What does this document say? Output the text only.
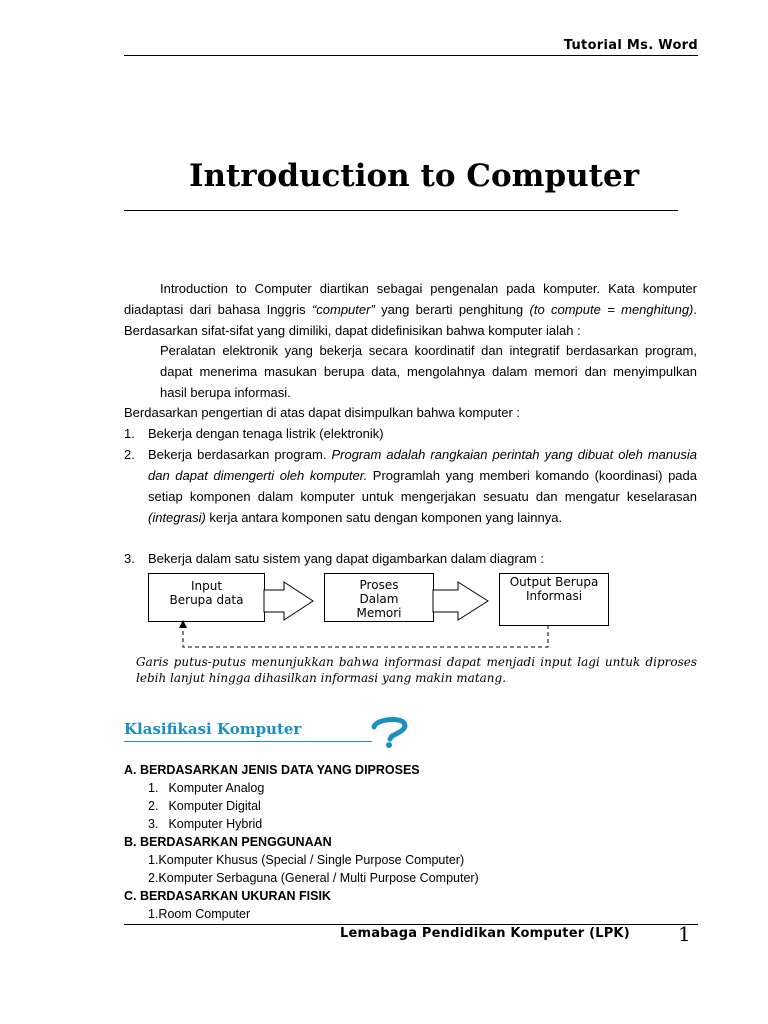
Tutorial Ms. Word
Introduction to Computer
Introduction to Computer diartikan sebagai pengenalan pada komputer. Kata komputer diadaptasi dari bahasa Inggris “computer” yang berarti penghitung (to compute = menghitung). Berdasarkan sifat-sifat yang dimiliki, dapat didefinisikan bahwa komputer ialah :
Peralatan elektronik yang bekerja secara koordinatif dan integratif berdasarkan program, dapat menerima masukan berupa data, mengolahnya dalam memori dan menyimpulkan hasil berupa informasi.
Berdasarkan pengertian di atas dapat disimpulkan bahwa komputer :
1. Bekerja dengan tenaga listrik (elektronik)
2. Bekerja berdasarkan program. Program adalah rangkaian perintah yang dibuat oleh manusia dan dapat dimengerti oleh komputer. Programlah yang memberi komando (koordinasi) pada setiap komponen dalam komputer untuk mengerjakan sesuatu dan mengatur keselarasan (integrasi) kerja antara komponen satu dengan komponen yang lainnya.
3. Bekerja dalam satu sistem yang dapat digambarkan dalam diagram :
Input
Berupa data
Proses
Dalam
Memori
Output Berupa
Informasi
Garis putus-putus menunjukkan bahwa informasi dapat menjadi input lagi untuk diproses lebih lanjut hingga dihasilkan informasi yang makin matang.
Klasifikasi Komputer
A. BERDASARKAN JENIS DATA YANG DIPROSES
1. Komputer Analog
2. Komputer Digital
3. Komputer Hybrid
B. BERDASARKAN PENGGUNAAN
1.Komputer Khusus (Special / Single Purpose Computer)
2.Komputer Serbaguna (General / Multi Purpose Computer)
C. BERDASARKAN UKURAN FISIK
1.Room Computer
Lemabaga Pendidikan Komputer (LPK) 1
